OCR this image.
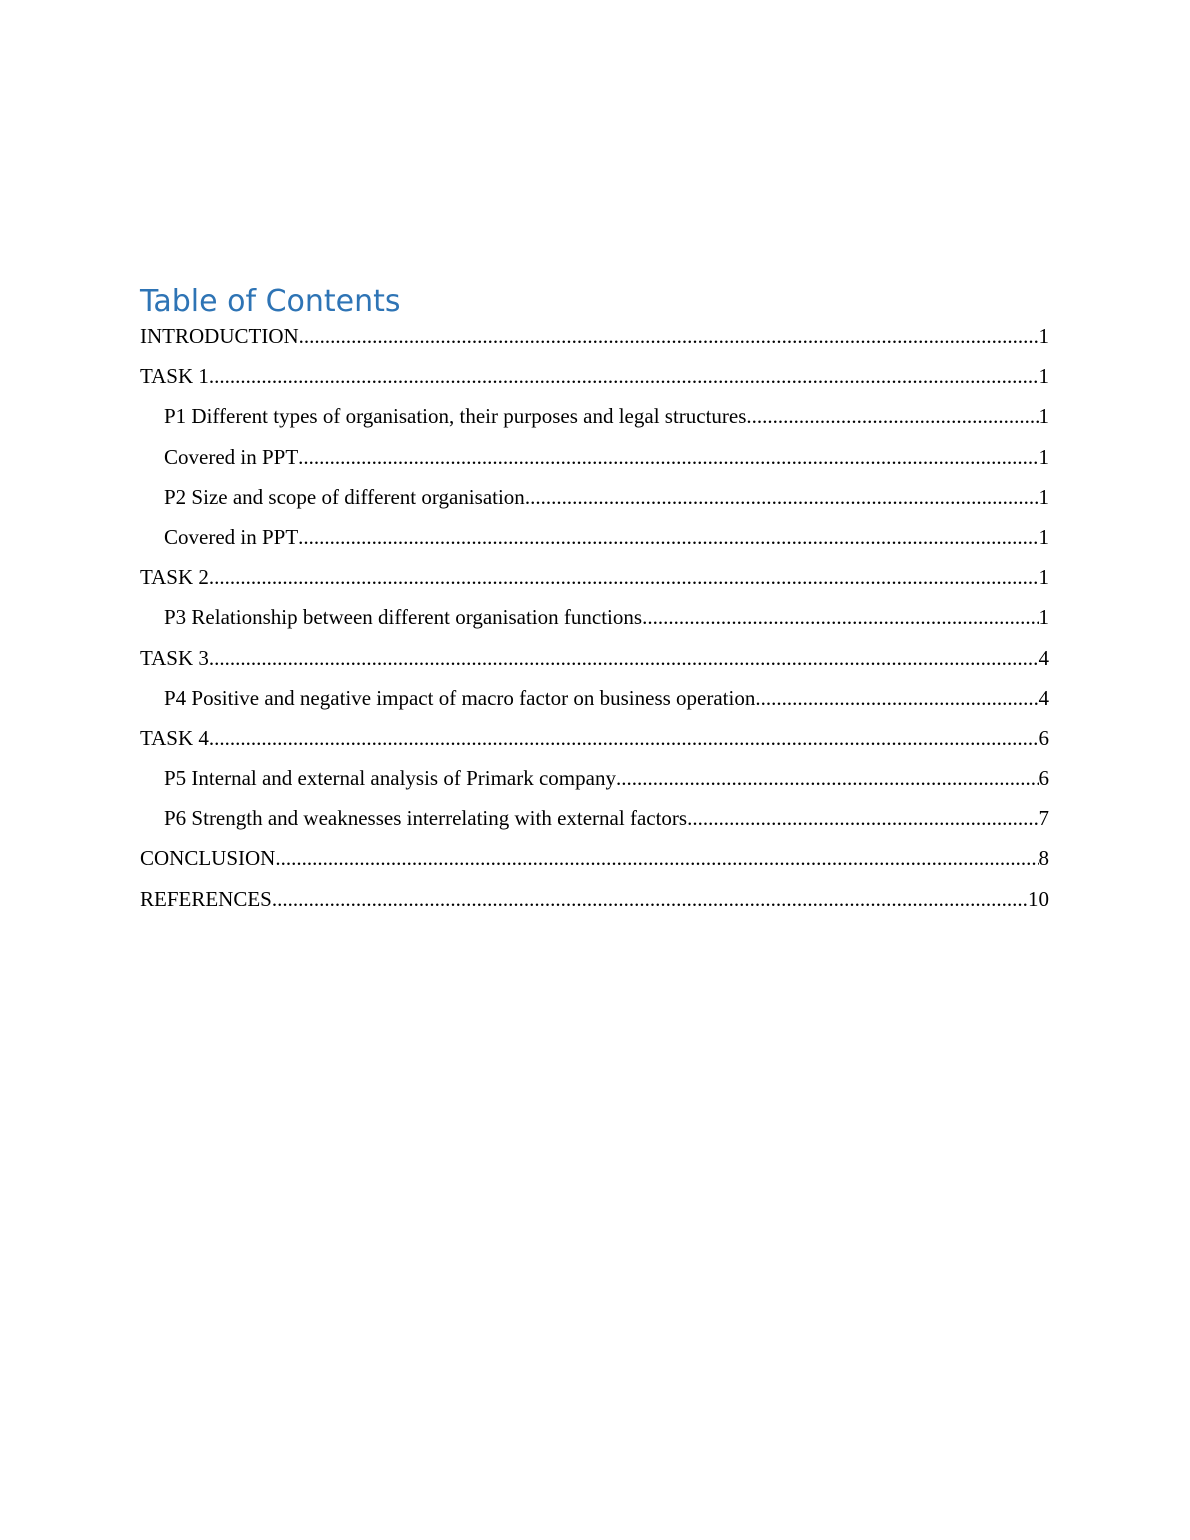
Table of Contents
INTRODUCTION .....	1
TASK 1 .....	1
P1 Different types of organisation, their purposes and legal structures .....	1
Covered in PPT .....	1
P2 Size and scope of different organisation .....	1
Covered in PPT .....	1
TASK 2 .....	1
P3 Relationship between different organisation functions .....	1
TASK 3 .....	4
P4 Positive and negative impact of macro factor on business operation .....	4
TASK 4 .....	6
P5 Internal and external analysis of Primark company .....	6
P6 Strength and weaknesses interrelating with external factors .....	7
CONCLUSION .....	8
REFERENCES .....	10
